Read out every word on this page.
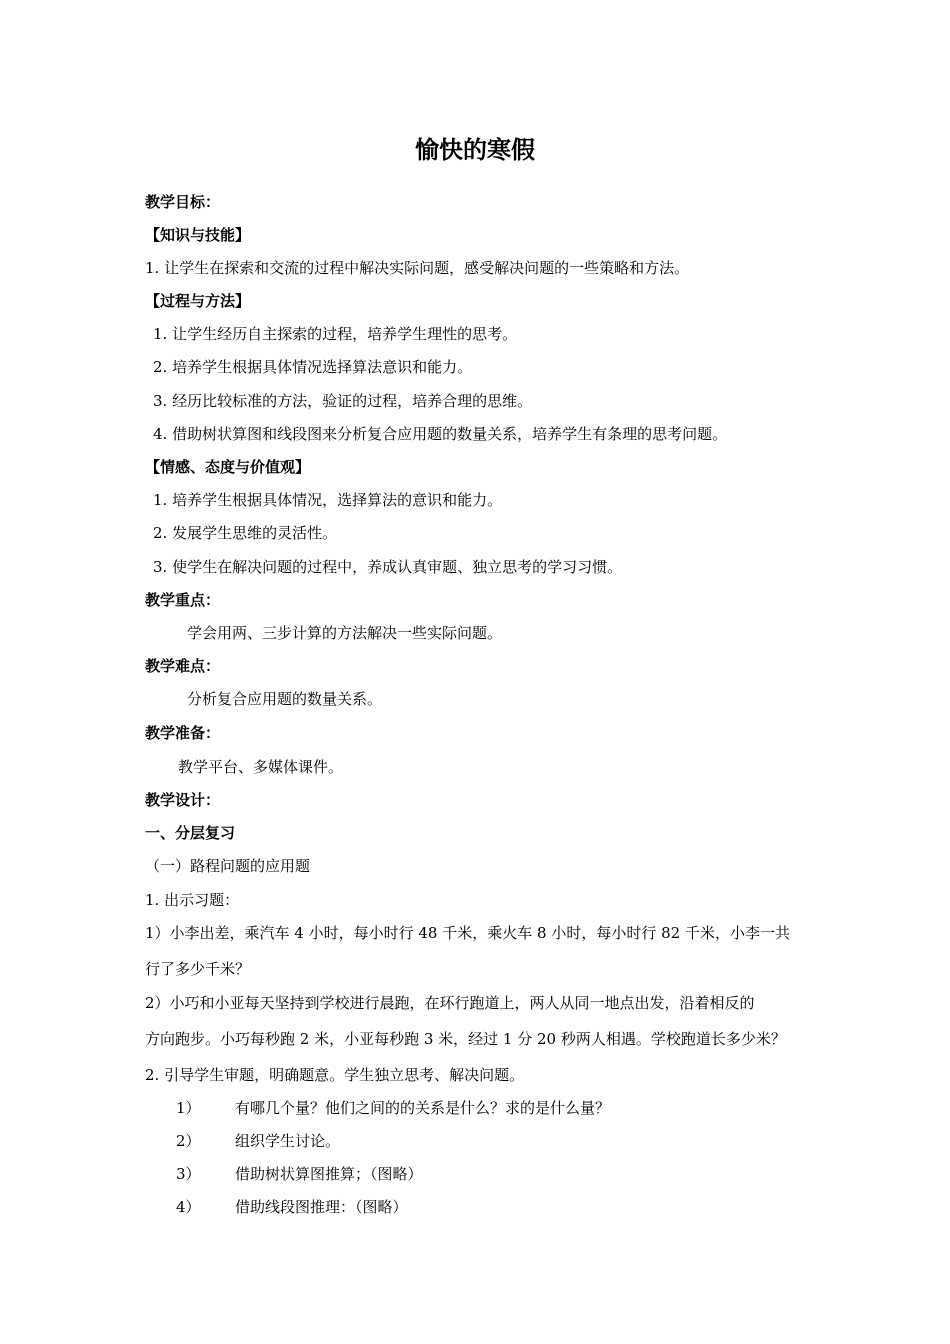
愉快的寒假
教学目标：
【知识与技能】
1. 让学生在探索和交流的过程中解决实际问题，感受解决问题的一些策略和方法。
【过程与方法】
1. 让学生经历自主探索的过程，培养学生理性的思考。
2. 培养学生根据具体情况选择算法意识和能力。
3. 经历比较标准的方法，验证的过程，培养合理的思维。
4. 借助树状算图和线段图来分析复合应用题的数量关系，培养学生有条理的思考问题。
【情感、态度与价值观】
1. 培养学生根据具体情况，选择算法的意识和能力。
2. 发展学生思维的灵活性。
3. 使学生在解决问题的过程中，养成认真审题、独立思考的学习习惯。
教学重点：
学会用两、三步计算的方法解决一些实际问题。
教学难点：
分析复合应用题的数量关系。
教学准备：
教学平台、多媒体课件。
教学设计：
一、分层复习
（一）路程问题的应用题
1. 出示习题：
1）小李出差，乘汽车 4 小时，每小时行 48 千米，乘火车 8 小时，每小时行 82 千米，小李一共
行了多少千米？
2）小巧和小亚每天坚持到学校进行晨跑，在环行跑道上，两人从同一地点出发，沿着相反的
方向跑步。小巧每秒跑 2 米，小亚每秒跑 3 米，经过 1 分 20 秒两人相遇。学校跑道长多少米？
2. 引导学生审题，明确题意。学生独立思考、解决问题。
1） 有哪几个量？他们之间的的关系是什么？求的是什么量？
2） 组织学生讨论。
3） 借助树状算图推算；（图略）
4） 借助线段图推理：（图略）
